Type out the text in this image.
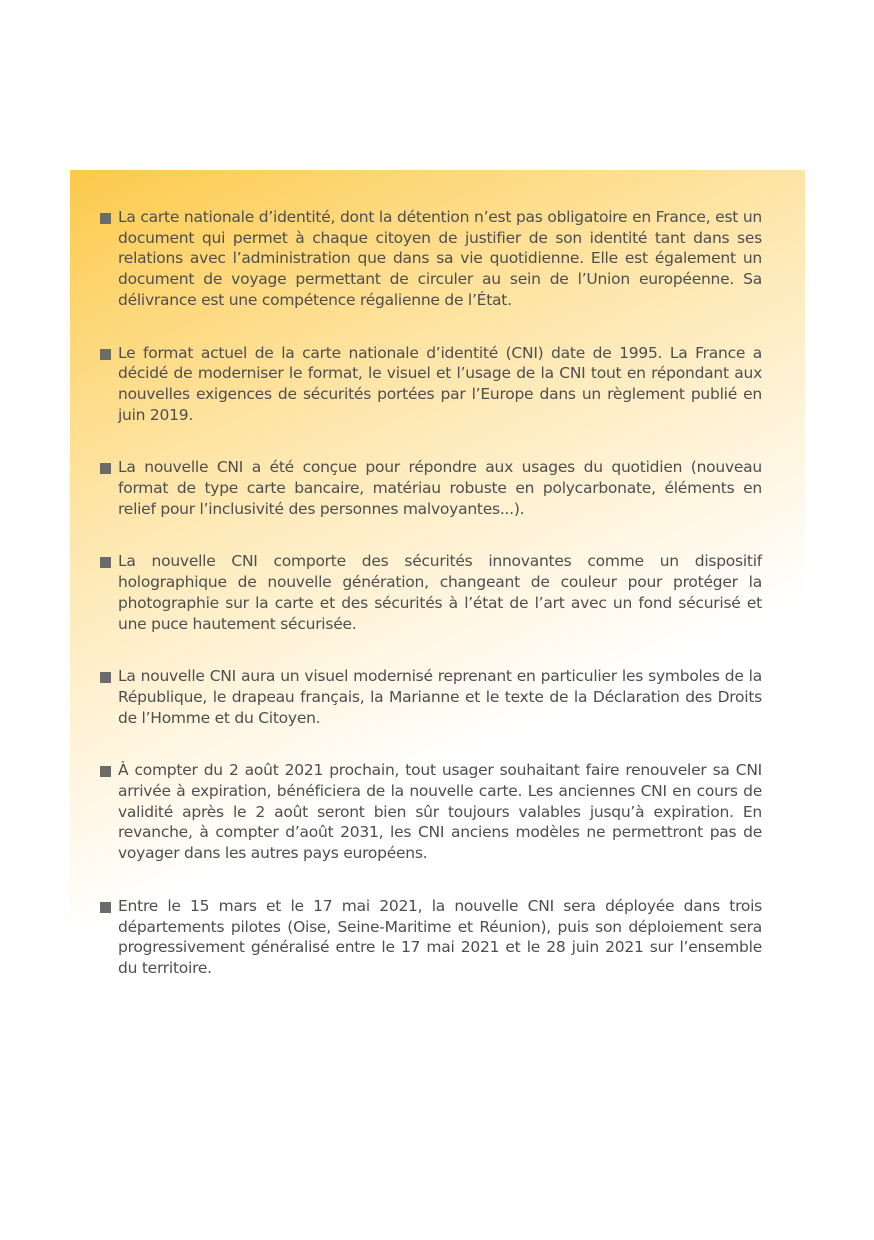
La carte nationale d’identité, dont la détention n’est pas obligatoire en France, est un document qui permet à chaque citoyen de justifier de son identité tant dans ses relations avec l’administration que dans sa vie quotidienne. Elle est également un document de voyage permettant de circuler au sein de l’Union européenne. Sa délivrance est une compétence régalienne de l’État.
Le format actuel de la carte nationale d’identité (CNI) date de 1995. La France a décidé de moderniser le format, le visuel et l’usage de la CNI tout en répondant aux nouvelles exigences de sécurités portées par l’Europe dans un règlement publié en juin 2019.
La nouvelle CNI a été conçue pour répondre aux usages du quotidien (nouveau format de type carte bancaire, matériau robuste en polycarbonate, éléments en relief pour l’inclusivité des personnes malvoyantes...).
La nouvelle CNI comporte des sécurités innovantes comme un dispositif holographique de nouvelle génération, changeant de couleur pour protéger la photographie sur la carte et des sécurités à l’état de l’art avec un fond sécurisé et une puce hautement sécurisée.
La nouvelle CNI aura un visuel modernisé reprenant en particulier les symboles de la République, le drapeau français, la Marianne et le texte de la Déclaration des Droits de l’Homme et du Citoyen.
À compter du 2 août 2021 prochain, tout usager souhaitant faire renouveler sa CNI arrivée à expiration, bénéficiera de la nouvelle carte. Les anciennes CNI en cours de validité après le 2 août seront bien sûr toujours valables jusqu’à expiration. En revanche, à compter d’août 2031, les CNI anciens modèles ne permettront pas de voyager dans les autres pays européens.
Entre le 15 mars et le 17 mai 2021, la nouvelle CNI sera déployée dans trois départements pilotes (Oise, Seine-Maritime et Réunion), puis son déploiement sera progressivement généralisé entre le 17 mai 2021 et le 28 juin 2021 sur l’ensemble du territoire.
